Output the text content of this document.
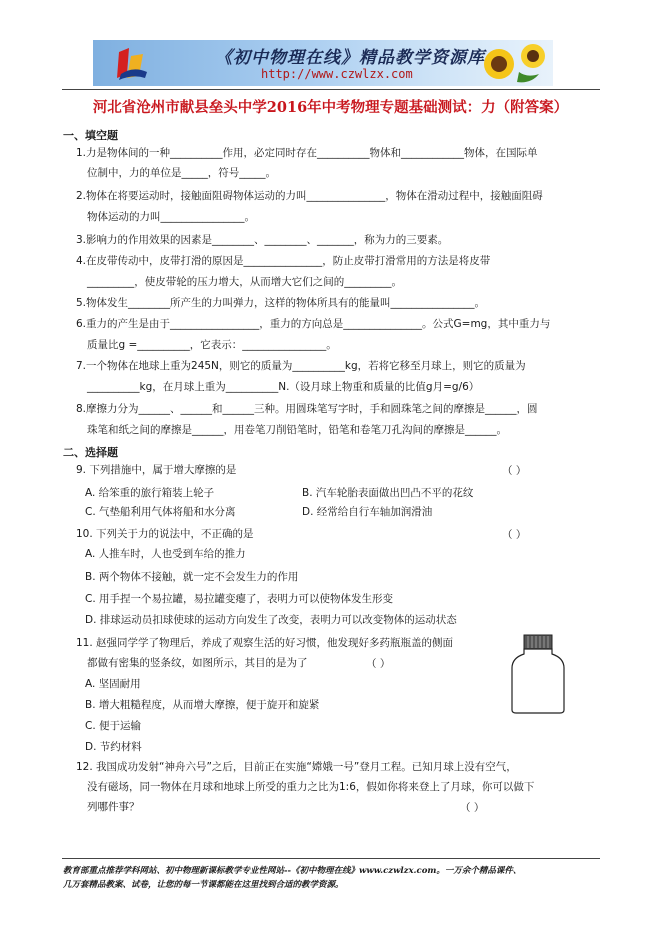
《初中物理在线》精品教学资源库
http://www.czwlzx.com
河北省沧州市献县垒头中学2016年中考物理专题基础测试：力（附答案）
一、填空题
1.力是物体间的一种__________作用，必定同时存在__________物体和____________物体，在国际单
位制中，力的单位是_____，符号_____。
2.物体在将要运动时，接触面阻碍物体运动的力叫_______________，物体在滑动过程中，接触面阻碍
物体运动的力叫________________。
3.影响力的作用效果的因素是________、________、_______，称为力的三要素。
4.在皮带传动中，皮带打滑的原因是_______________，防止皮带打滑常用的方法是将皮带
_________，使皮带轮的压力增大，从而增大它们之间的_________。
5.物体发生________所产生的力叫弹力，这样的物体所具有的能量叫________________。
6.重力的产生是由于_________________，重力的方向总是_______________。公式G=mg，其中重力与
质量比g =__________，它表示：________________。
7.一个物体在地球上重为245N，则它的质量为__________kg，若将它移至月球上，则它的质量为
__________kg，在月球上重为__________N.（设月球上物重和质量的比值g月=g/6）
8.摩擦力分为______、______和______三种。用圆珠笔写字时，手和圆珠笔之间的摩擦是______，圆
珠笔和纸之间的摩擦是______，用卷笔刀削铅笔时，铅笔和卷笔刀孔沟间的摩擦是______。
二、选择题
9. 下列措施中，属于增大摩擦的是	（ ）
A. 给笨重的旅行箱装上轮子	B. 汽车轮胎表面做出凹凸不平的花纹
C. 气垫船利用气体将船和水分离	D. 经常给自行车轴加润滑油
10. 下列关于力的说法中，不正确的是	（ ）
A. 人推车时，人也受到车给的推力
B. 两个物体不接触，就一定不会发生力的作用
C. 用手捏一个易拉罐，易拉罐变瘪了，表明力可以使物体发生形变
D. 排球运动员扣球使球的运动方向发生了改变，表明力可以改变物体的运动状态
11. 赵强同学学了物理后，养成了观察生活的好习惯，他发现好多药瓶瓶盖的侧面
都做有密集的竖条纹，如图所示，其目的是为了	（ ）
A. 坚固耐用
B. 增大粗糙程度，从而增大摩擦，便于旋开和旋紧
C. 便于运输
D. 节约材料
12. 我国成功发射“神舟六号”之后，目前正在实施“嫦娥一号”登月工程。已知月球上没有空气，
没有磁场，同一物体在月球和地球上所受的重力之比为1:6，假如你将来登上了月球，你可以做下
列哪件事？	（ ）
教育部重点推荐学科网站、初中物理新课标教学专业性网站--《初中物理在线》www.czwlzx.com。一万余个精品课件、
几万套精品教案、试卷，让您的每一节课都能在这里找到合适的教学资源。
